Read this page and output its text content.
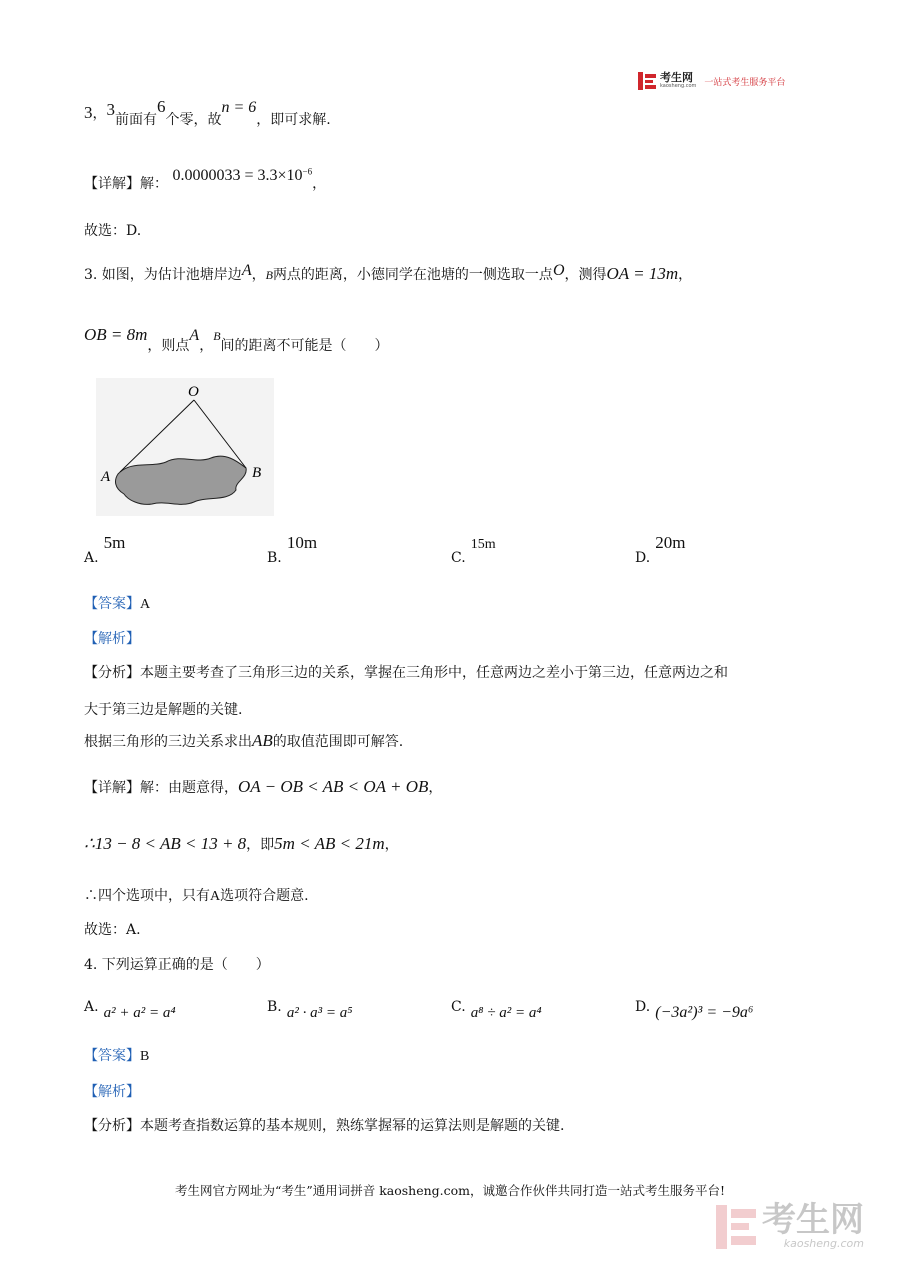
考生网
kaosheng.com 一站式考生服务平台
3，3前面有6个零，故n = 6，即可求解.
【详解】解： $0.0000033 = 3.3\times 10^{-6}$，
故选：D.
3. 如图，为估计池塘岸边A，B两点的距离，小德同学在池塘的一侧选取一点O，测得OA = 13m，
OB = 8m，则点A，B间的距离不可能是（　　）
O
A	B
A. 5m
B. 10m
C. 15m
D. 20m
【答案】A
【解析】
【分析】本题主要考查了三角形三边的关系，掌握在三角形中，任意两边之差小于第三边，任意两边之和
大于第三边是解题的关键.
根据三角形的三边关系求出AB的取值范围即可解答.
【详解】解：由题意得，OA − OB < AB < OA + OB，
∴13 − 8 < AB < 13 + 8，即5m < AB < 21m，
∴四个选项中，只有A选项符合题意.
故选：A.
4. 下列运算正确的是（　　）
A. a² + a² = a⁴	B. a² · a³ = a⁵	C. a⁸ ÷ a² = a⁴	D. (−3a²)³ = −9a⁶
【答案】B
【解析】
【分析】本题考查指数运算的基本规则，熟练掌握幂的运算法则是解题的关键.
考生网官方网址为“考生”通用词拼音 kaosheng.com，诚邀合作伙伴共同打造一站式考生服务平台!
考生网
kaosheng.com
